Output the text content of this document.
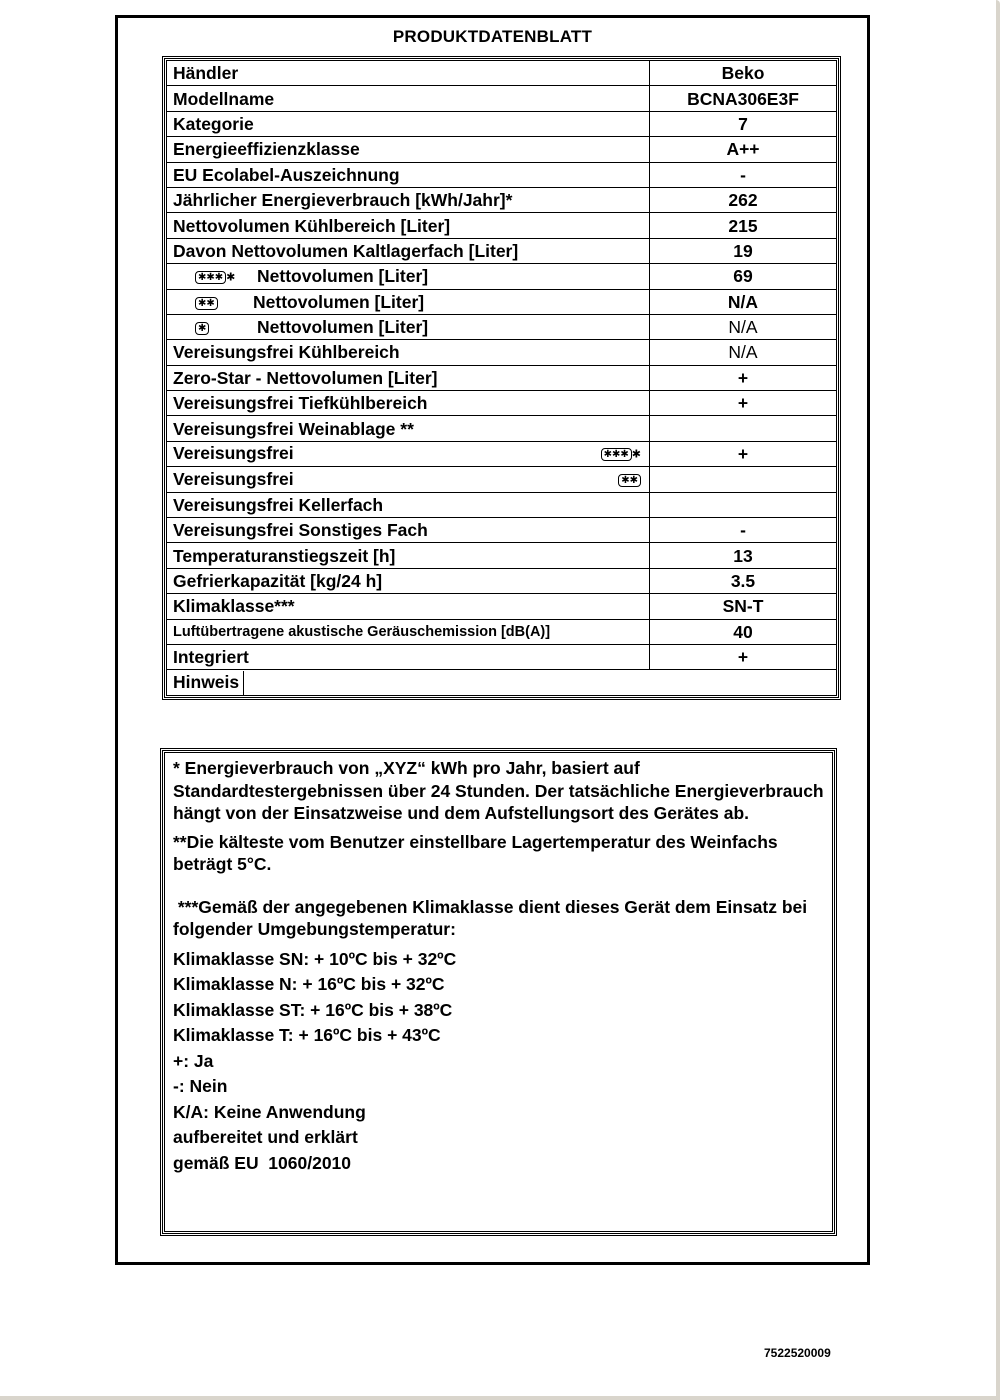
PRODUKTDATENBLATT
Händler	Beko
Modellname	BCNA306E3F
Kategorie	7
Energieeffizienzklasse	A++
EU Ecolabel-Auszeichnung	-
Jährlicher Energieverbrauch [kWh/Jahr]*	262
Nettovolumen Kühlbereich [Liter]	215
Davon Nettovolumen Kaltlagerfach [Liter]	19
✱✱✱ ✱ Nettovolumen [Liter]	69
✱✱ Nettovolumen [Liter]	N/A
✱ Nettovolumen [Liter]	N/A
Vereisungsfrei Kühlbereich	N/A
Zero-Star - Nettovolumen [Liter]	+
Vereisungsfrei Tiefkühlbereich	+
Vereisungsfrei Weinablage **	
Vereisungsfrei ✱✱✱ ✱	+
Vereisungsfrei ✱✱	

Vereisungsfrei Kellerfach	
Vereisungsfrei Sonstiges Fach	-
Temperaturanstiegszeit [h]	13
Gefrierkapazität [kg/24 h]	3.5
Klimaklasse***	SN-T
Luftübertragene akustische Geräuschemission [dB(A)]	40
Integriert	+
Hinweis	

* Energieverbrauch von „XYZ“ kWh pro Jahr, basiert auf Standardtestergebnissen über 24 Stunden. Der tatsächliche Energieverbrauch hängt von der Einsatzweise und dem Aufstellungsort des Gerätes ab.

**Die kälteste vom Benutzer einstellbare Lagertemperatur des Weinfachs beträgt 5°C.

***Gemäß der angegebenen Klimaklasse dient dieses Gerät dem Einsatz bei folgender Umgebungstemperatur:

Klimaklasse SN: + 10ºC bis + 32ºC
Klimaklasse N: + 16ºC bis + 32ºC
Klimaklasse ST: + 16ºC bis + 38ºC
Klimaklasse T: + 16ºC bis + 43ºC
+: Ja
-: Nein
K/A: Keine Anwendung
aufbereitet und erklärt
gemäß EU  1060/2010
7522520009
